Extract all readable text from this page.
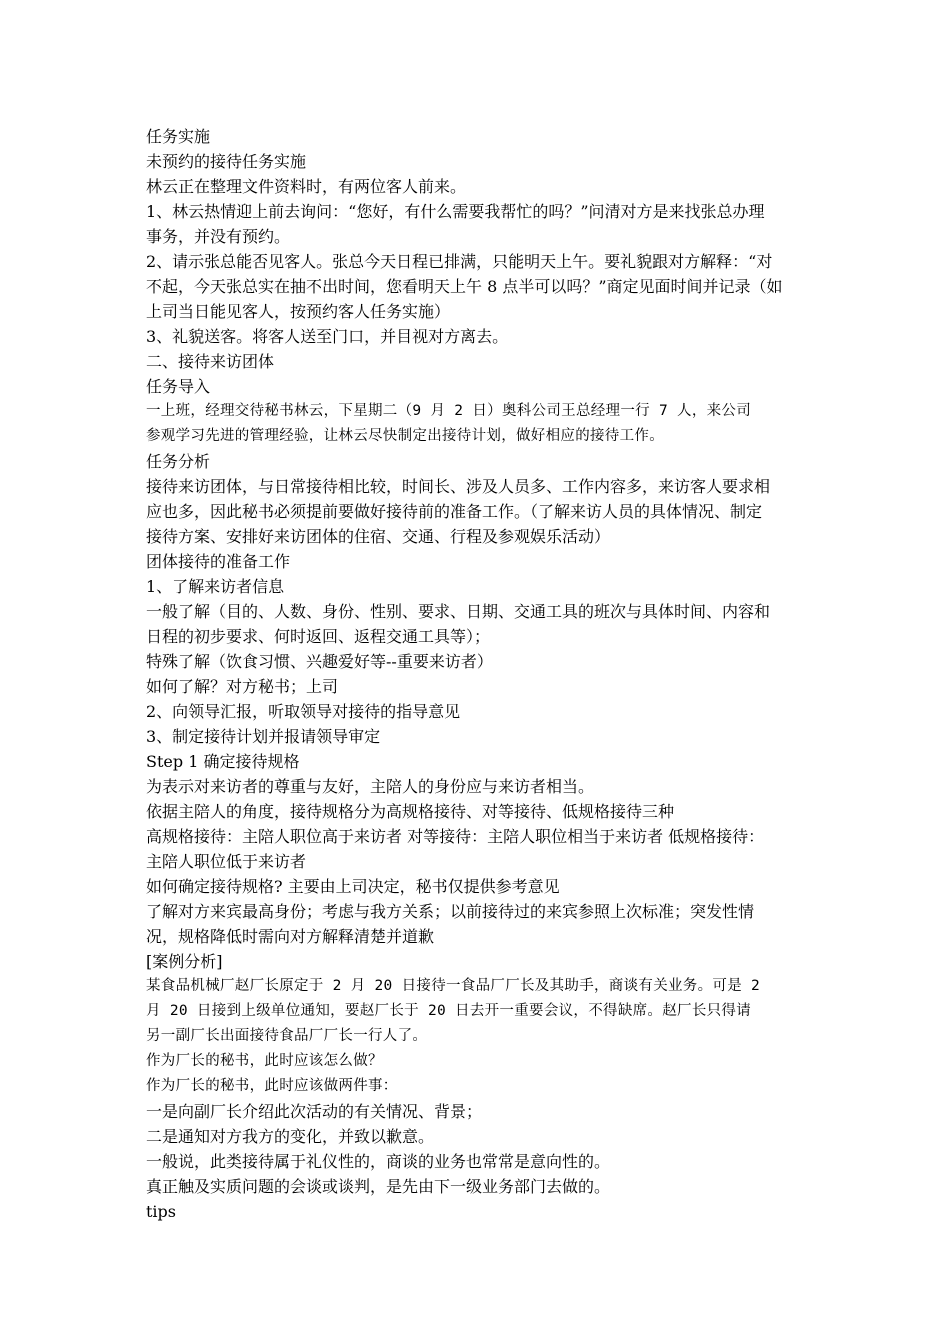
任务实施

未预约的接待任务实施

林云正在整理文件资料时，有两位客人前来。

1、林云热情迎上前去询问：“您好，有什么需要我帮忙的吗？”问清对方是来找张总办理

事务，并没有预约。

2、请示张总能否见客人。张总今天日程已排满，只能明天上午。要礼貌跟对方解释：“对

不起，今天张总实在抽不出时间，您看明天上午 8 点半可以吗？”商定见面时间并记录（如

上司当日能见客人，按预约客人任务实施）

3、礼貌送客。将客人送至门口，并目视对方离去。

二、接待来访团体

任务导入

一上班，经理交待秘书林云，下星期二（9 月 2 日）奥科公司王总经理一行 7 人，来公司

参观学习先进的管理经验，让林云尽快制定出接待计划，做好相应的接待工作。

任务分析

接待来访团体，与日常接待相比较，时间长、涉及人员多、工作内容多，来访客人要求相

应也多，因此秘书必须提前要做好接待前的准备工作。（了解来访人员的具体情况、制定

接待方案、安排好来访团体的住宿、交通、行程及参观娱乐活动）

团体接待的准备工作

1、了解来访者信息

一般了解（目的、人数、身份、性别、要求、日期、交通工具的班次与具体时间、内容和

日程的初步要求、何时返回、返程交通工具等）；

特殊了解（饮食习惯、兴趣爱好等--重要来访者）

如何了解？对方秘书；上司

2、向领导汇报，听取领导对接待的指导意见

3、制定接待计划并报请领导审定

Step 1 确定接待规格

为表示对来访者的尊重与友好，主陪人的身份应与来访者相当。

依据主陪人的角度，接待规格分为高规格接待、对等接待、低规格接待三种

高规格接待：主陪人职位高于来访者 对等接待：主陪人职位相当于来访者 低规格接待：

主陪人职位低于来访者

如何确定接待规格? 主要由上司决定，秘书仅提供参考意见

了解对方来宾最高身份；考虑与我方关系；以前接待过的来宾参照上次标准；突发性情

况，规格降低时需向对方解释清楚并道歉

[案例分析]

某食品机械厂赵厂长原定于 2 月 20 日接待一食品厂厂长及其助手，商谈有关业务。可是 2

月 20 日接到上级单位通知，要赵厂长于 20 日去开一重要会议，不得缺席。赵厂长只得请

另一副厂长出面接待食品厂厂长一行人了。

作为厂长的秘书，此时应该怎么做？

作为厂长的秘书，此时应该做两件事：

一是向副厂长介绍此次活动的有关情况、背景；

二是通知对方我方的变化，并致以歉意。

一般说，此类接待属于礼仪性的，商谈的业务也常常是意向性的。

真正触及实质问题的会谈或谈判，是先由下一级业务部门去做的。

tips
